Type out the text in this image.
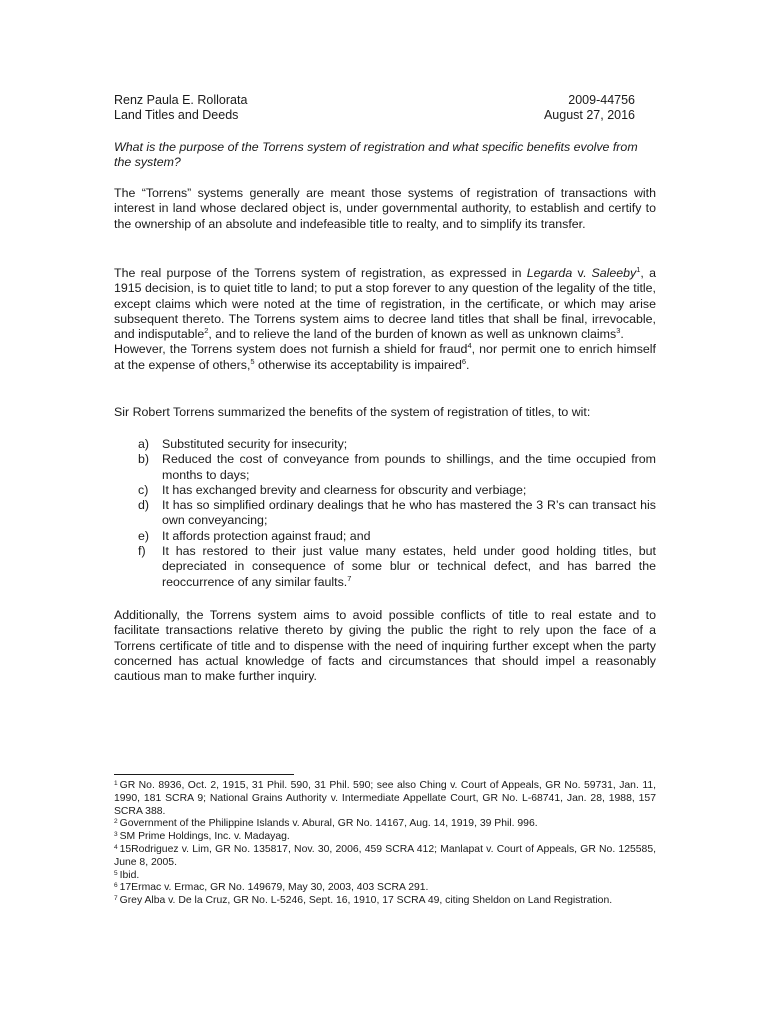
Renz Paula E. Rollorata	2009-44756
Land Titles and Deeds	August 27, 2016
What is the purpose of the Torrens system of registration and what specific benefits evolve from the system?
The “Torrens” systems generally are meant those systems of registration of transactions with interest in land whose declared object is, under governmental authority, to establish and certify to the ownership of an absolute and indefeasible title to realty, and to simplify its transfer.
The real purpose of the Torrens system of registration, as expressed in Legarda v. Saleeby$^1$, a 1915 decision, is to quiet title to land; to put a stop forever to any question of the legality of the title, except claims which were noted at the time of registration, in the certificate, or which may arise subsequent thereto. The Torrens system aims to decree land titles that shall be final, irrevocable, and indisputable$^2$, and to relieve the land of the burden of known as well as unknown claims$^3$.
However, the Torrens system does not furnish a shield for fraud$^4$, nor permit one to enrich himself at the expense of others,$^5$ otherwise its acceptability is impaired$^6$.
Sir Robert Torrens summarized the benefits of the system of registration of titles, to wit:
a)	Substituted security for insecurity;
b)	Reduced the cost of conveyance from pounds to shillings, and the time occupied from months to days;
c)	It has exchanged brevity and clearness for obscurity and verbiage;
d)	It has so simplified ordinary dealings that he who has mastered the 3 R’s can transact his own conveyancing;
e)	It affords protection against fraud; and
f)	It has restored to their just value many estates, held under good holding titles, but depreciated in consequence of some blur or technical defect, and has barred the reoccurrence of any similar faults.$^7$
Additionally, the Torrens system aims to avoid possible conflicts of title to real estate and to facilitate transactions relative thereto by giving the public the right to rely upon the face of a Torrens certificate of title and to dispense with the need of inquiring further except when the party concerned has actual knowledge of facts and circumstances that should impel a reasonably cautious man to make further inquiry.
$^1$ GR No. 8936, Oct. 2, 1915, 31 Phil. 590, 31 Phil. 590; see also Ching v. Court of Appeals, GR No. 59731, Jan. 11, 1990, 181 SCRA 9; National Grains Authority v. Intermediate Appellate Court, GR No. L-68741, Jan. 28, 1988, 157 SCRA 388.
$^2$ Government of the Philippine Islands v. Abural, GR No. 14167, Aug. 14, 1919, 39 Phil. 996.
$^3$ SM Prime Holdings, Inc. v. Madayag.
$^4$ 15Rodriguez v. Lim, GR No. 135817, Nov. 30, 2006, 459 SCRA 412; Manlapat v. Court of Appeals, GR No. 125585, June 8, 2005.
$^5$ Ibid.
$^6$ 17Ermac v. Ermac, GR No. 149679, May 30, 2003, 403 SCRA 291.
$^7$ Grey Alba v. De la Cruz, GR No. L-5246, Sept. 16, 1910, 17 SCRA 49, citing Sheldon on Land Registration.
